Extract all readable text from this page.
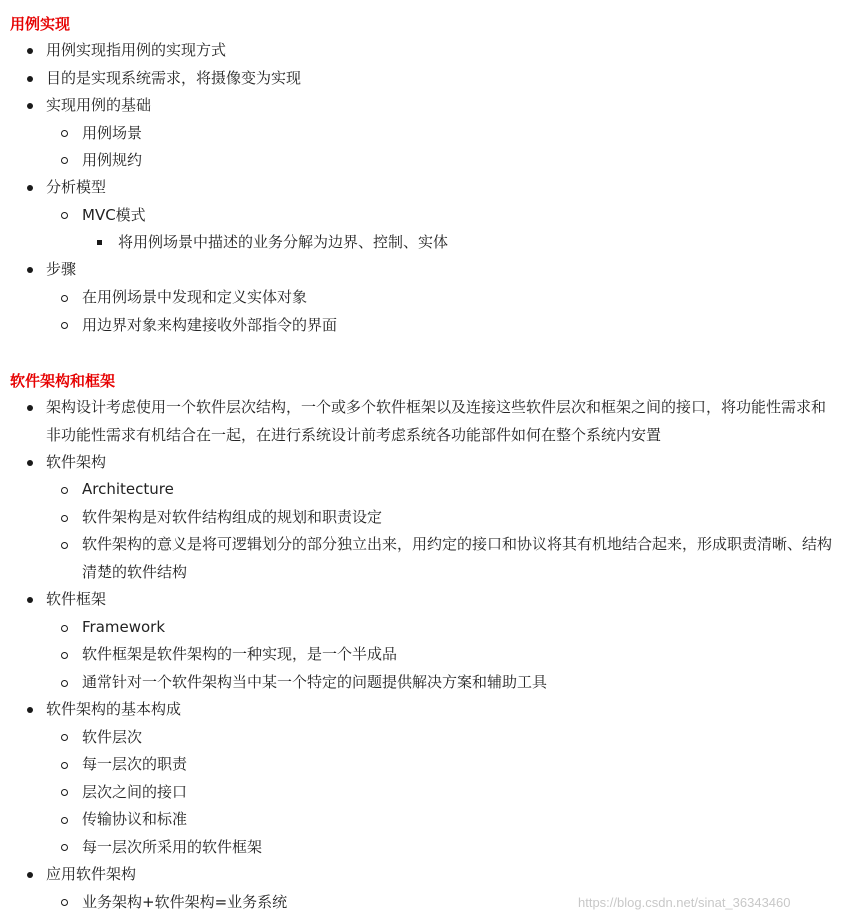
用例实现
用例实现指用例的实现方式
目的是实现系统需求，将摄像变为实现
实现用例的基础
用例场景
用例规约
分析模型
MVC模式
将用例场景中描述的业务分解为边界、控制、实体
步骤
在用例场景中发现和定义实体对象
用边界对象来构建接收外部指令的界面
软件架构和框架
架构设计考虑使用一个软件层次结构，一个或多个软件框架以及连接这些软件层次和框架之间的接口，将功能性需求和非功能性需求有机结合在一起，在进行系统设计前考虑系统各功能部件如何在整个系统内安置
软件架构
Architecture
软件架构是对软件结构组成的规划和职责设定
软件架构的意义是将可逻辑划分的部分独立出来，用约定的接口和协议将其有机地结合起来，形成职责清晰、结构清楚的软件结构
软件框架
Framework
软件框架是软件架构的一种实现，是一个半成品
通常针对一个软件架构当中某一个特定的问题提供解决方案和辅助工具
软件架构的基本构成
软件层次
每一层次的职责
层次之间的接口
传输协议和标准
每一层次所采用的软件框架
应用软件架构
业务架构+软件架构=业务系统	https://blog.csdn.net/sinat_36343460
